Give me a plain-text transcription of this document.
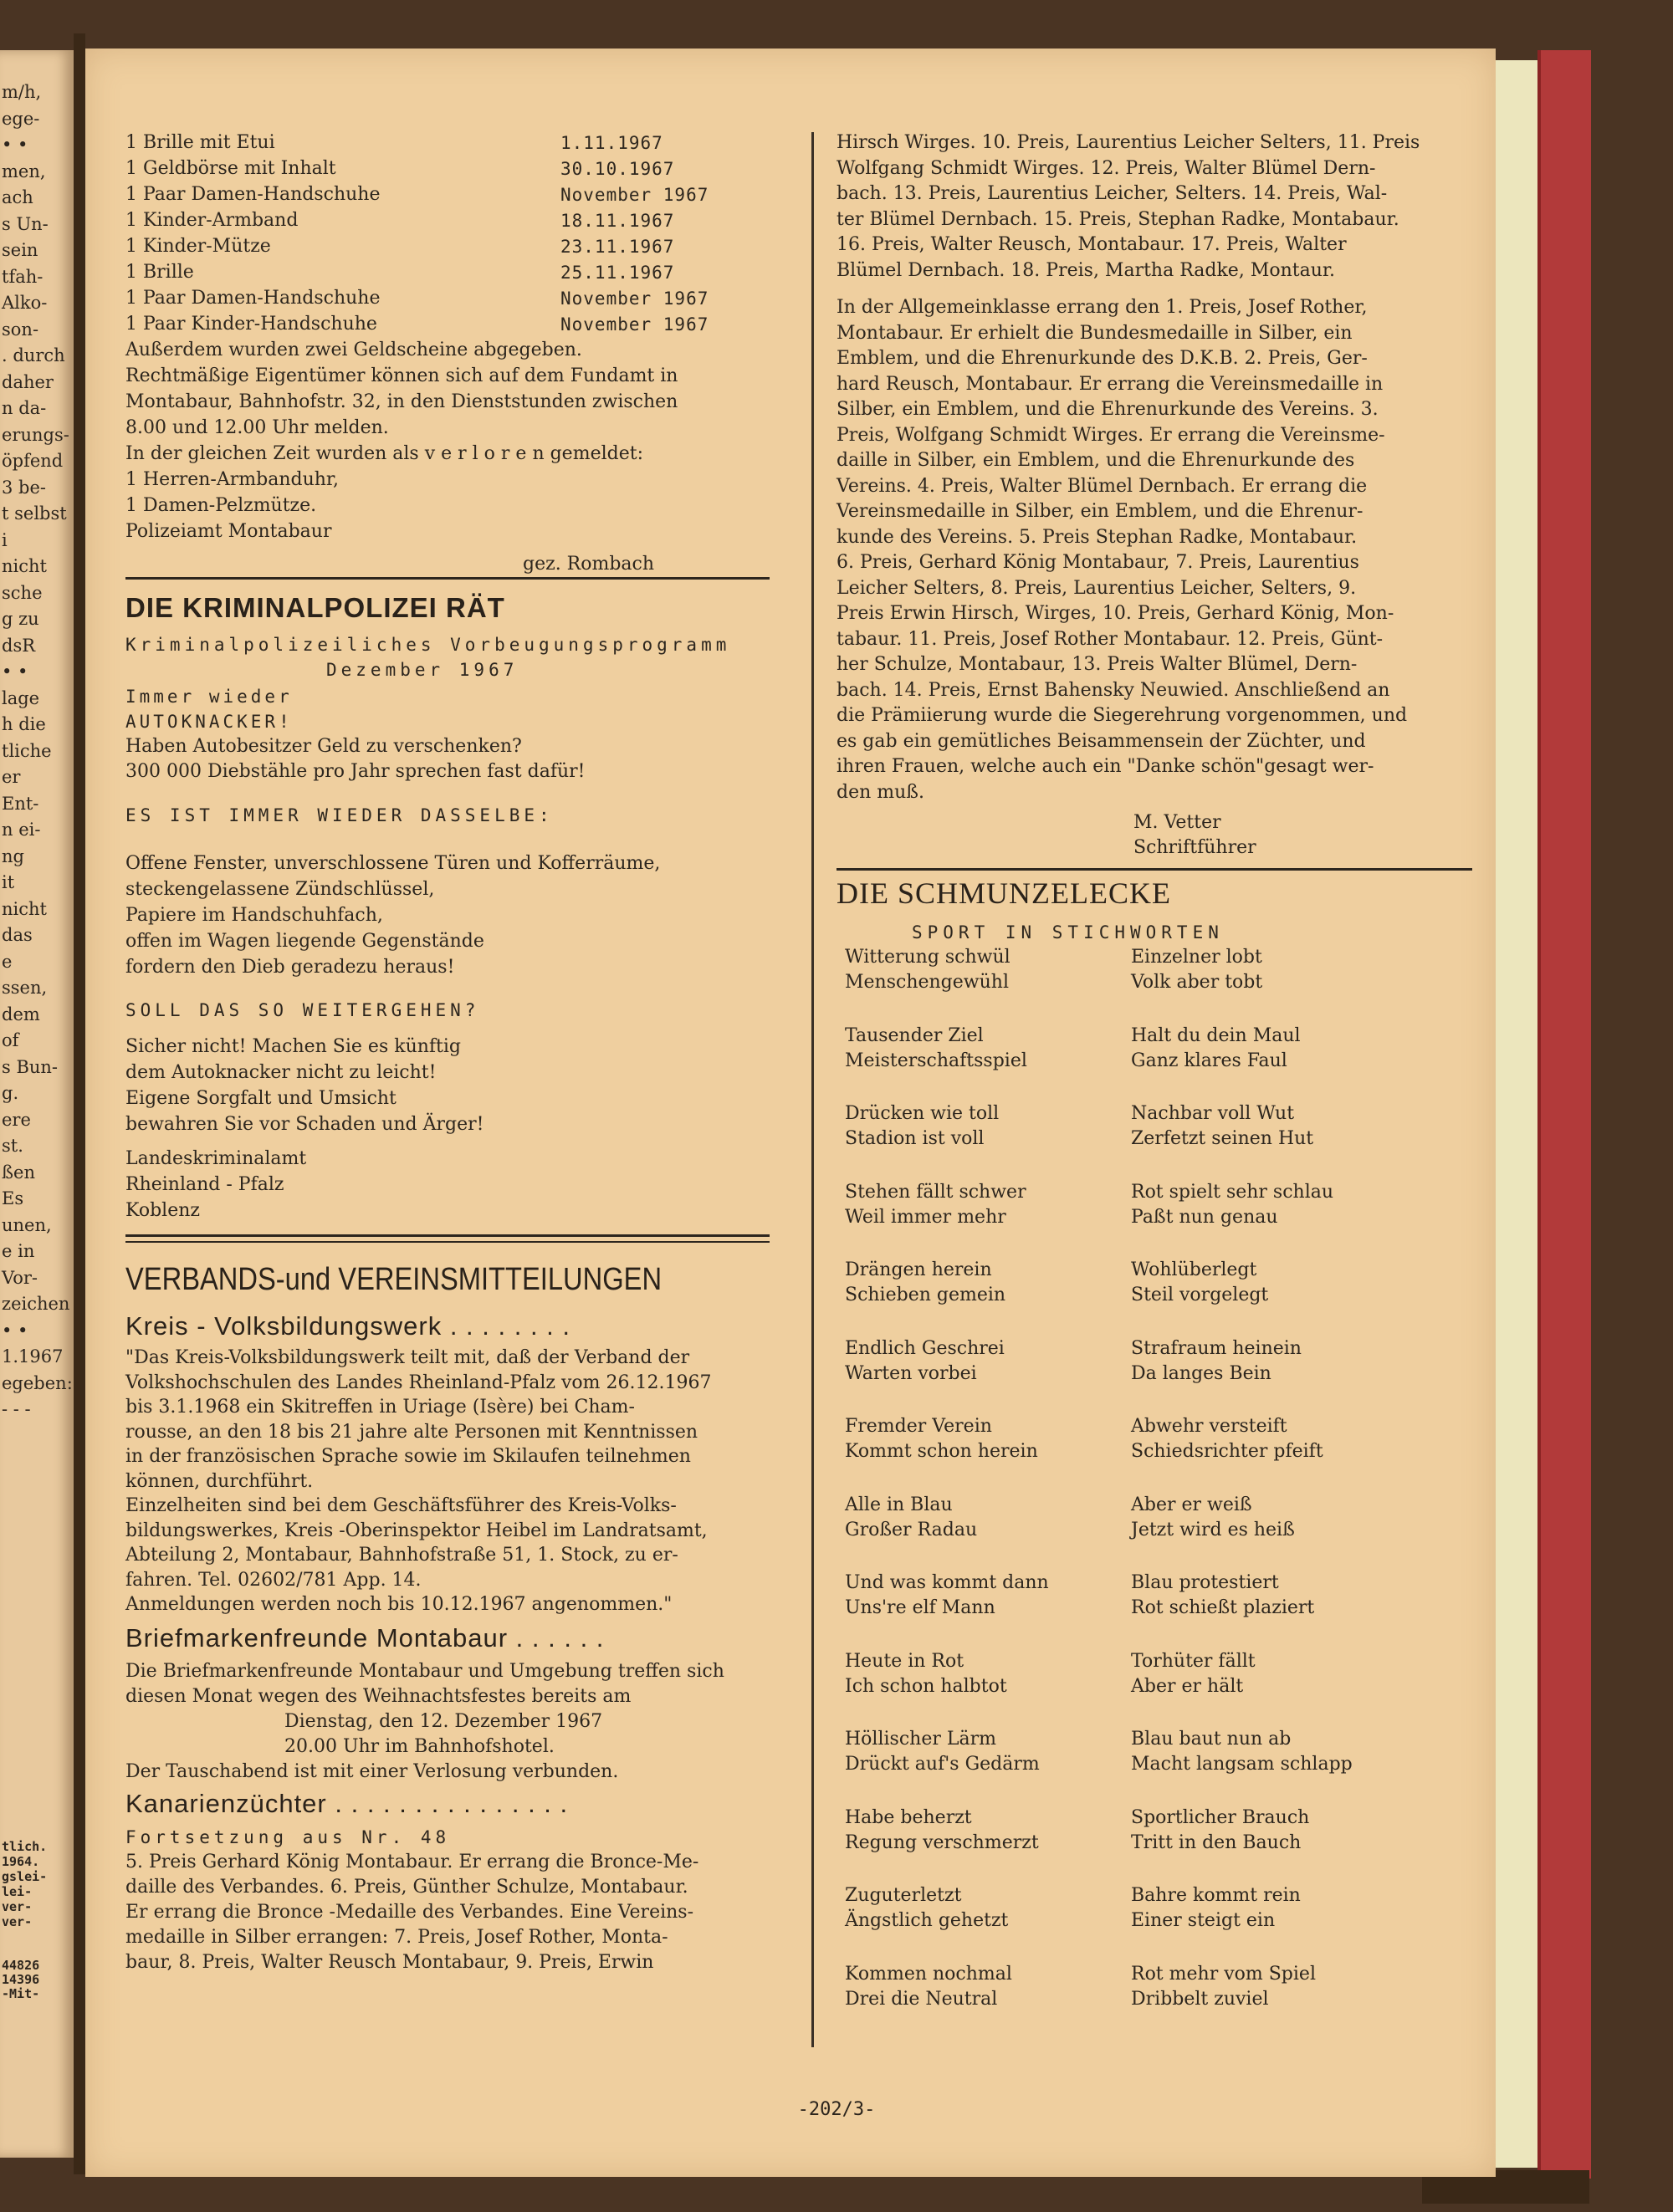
m/h,
ege-
• •
men,
ach
s Un-
sein
tfah-
Alko-
son-
. durch
daher
n da-
erungs-
öpfend
3 be-
t selbst
i
nicht
sche
g zu
dsR
• •
lage
h die
tliche
er
Ent-
n ei-
ng
it
nicht
das
e
ssen,
dem
of
s Bun-
g.
ere
st.
ßen
Es
unen,
e in
Vor-
zeichen
• •
1.1967
egeben:
- - -
tlich.
1964.
gslei-
lei-
ver-
ver-
44826
14396
-Mit-
1 Brille mit Etui	1.11.1967
1 Geldbörse mit Inhalt	30.10.1967
1 Paar Damen-Handschuhe	November 1967
1 Kinder-Armband	18.11.1967
1 Kinder-Mütze	23.11.1967
1 Brille	25.11.1967
1 Paar Damen-Handschuhe	November 1967
1 Paar Kinder-Handschuhe	November 1967
Außerdem wurden zwei Geldscheine abgegeben.
Rechtmäßige Eigentümer können sich auf dem Fundamt in
Montabaur, Bahnhofstr. 32, in den Dienststunden zwischen
8.00 und 12.00 Uhr melden.
In der gleichen Zeit wurden als v e r l o r e n gemeldet:
1 Herren-Armbanduhr,
1 Damen-Pelzmütze.
Polizeiamt Montabaur
gez. Rombach
DIE KRIMINALPOLIZEI RÄT
Kriminalpolizeiliches Vorbeugungsprogramm
Dezember 1967
Immer wieder
AUTOKNACKER!
Haben Autobesitzer Geld zu verschenken?
300 000 Diebstähle pro Jahr sprechen fast dafür!
ES IST IMMER WIEDER DASSELBE:
Offene Fenster, unverschlossene Türen und Kofferräume,
steckengelassene Zündschlüssel,
Papiere im Handschuhfach,
offen im Wagen liegende Gegenstände
fordern den Dieb geradezu heraus!
SOLL DAS SO WEITERGEHEN?
Sicher nicht! Machen Sie es künftig
dem Autoknacker nicht zu leicht!
Eigene Sorgfalt und Umsicht
bewahren Sie vor Schaden und Ärger!
Landeskriminalamt
Rheinland - Pfalz
Koblenz
VERBANDS-und VEREINSMITTEILUNGEN
Kreis - Volksbildungswerk . . . . . . . .
"Das Kreis-Volksbildungswerk teilt mit, daß der Verband der
Volkshochschulen des Landes Rheinland-Pfalz vom 26.12.1967
bis 3.1.1968 ein Skitreffen in Uriage (Isère) bei Cham-
rousse, an den 18 bis 21 jahre alte Personen mit Kenntnissen
in der französischen Sprache sowie im Skilaufen teilnehmen
können, durchführt.
Einzelheiten sind bei dem Geschäftsführer des Kreis-Volks-
bildungswerkes, Kreis -Oberinspektor Heibel im Landratsamt,
Abteilung 2, Montabaur, Bahnhofstraße 51, 1. Stock, zu er-
fahren. Tel. 02602/781 App. 14.
Anmeldungen werden noch bis 10.12.1967 angenommen."
Briefmarkenfreunde Montabaur . . . . . .
Die Briefmarkenfreunde Montabaur und Umgebung treffen sich
diesen Monat wegen des Weihnachtsfestes bereits am
Dienstag, den 12. Dezember 1967
20.00 Uhr im Bahnhofshotel.
Der Tauschabend ist mit einer Verlosung verbunden.
Kanarienzüchter . . . . . . . . . . . . . . .
Fortsetzung aus Nr. 48
5. Preis Gerhard König Montabaur. Er errang die Bronce-Me-
daille des Verbandes. 6. Preis, Günther Schulze, Montabaur.
Er errang die Bronce -Medaille des Verbandes. Eine Vereins-
medaille in Silber errangen: 7. Preis, Josef Rother, Monta-
baur, 8. Preis, Walter Reusch Montabaur, 9. Preis, Erwin
Hirsch Wirges. 10. Preis, Laurentius Leicher Selters, 11. Preis
Wolfgang Schmidt Wirges. 12. Preis, Walter Blümel Dern-
bach. 13. Preis, Laurentius Leicher, Selters. 14. Preis, Wal-
ter Blümel Dernbach. 15. Preis, Stephan Radke, Montabaur.
16. Preis, Walter Reusch, Montabaur. 17. Preis, Walter
Blümel Dernbach. 18. Preis, Martha Radke, Montaur.
In der Allgemeinklasse errang den 1. Preis, Josef Rother,
Montabaur. Er erhielt die Bundesmedaille in Silber, ein
Emblem, und die Ehrenurkunde des D.K.B. 2. Preis, Ger-
hard Reusch, Montabaur. Er errang die Vereinsmedaille in
Silber, ein Emblem, und die Ehrenurkunde des Vereins. 3.
Preis, Wolfgang Schmidt Wirges. Er errang die Vereinsme-
daille in Silber, ein Emblem, und die Ehrenurkunde des
Vereins. 4. Preis, Walter Blümel Dernbach. Er errang die
Vereinsmedaille in Silber, ein Emblem, und die Ehrenur-
kunde des Vereins. 5. Preis Stephan Radke, Montabaur.
6. Preis, Gerhard König Montabaur, 7. Preis, Laurentius
Leicher Selters, 8. Preis, Laurentius Leicher, Selters, 9.
Preis Erwin Hirsch, Wirges, 10. Preis, Gerhard König, Mon-
tabaur. 11. Preis, Josef Rother Montabaur. 12. Preis, Günt-
her Schulze, Montabaur, 13. Preis Walter Blümel, Dern-
bach. 14. Preis, Ernst Bahensky Neuwied. Anschließend an
die Prämiierung wurde die Siegerehrung vorgenommen, und
es gab ein gemütliches Beisammensein der Züchter, und
ihren Frauen, welche auch ein "Danke schön"gesagt wer-
den muß.
M. Vetter
Schriftführer
DIE SCHMUNZELECKE
SPORT IN STICHWORTEN
Witterung schwül
Menschengewühl
Einzelner lobt
Volk aber tobt
Tausender Ziel
Meisterschaftsspiel
Halt du dein Maul
Ganz klares Faul
Drücken wie toll
Stadion ist voll
Nachbar voll Wut
Zerfetzt seinen Hut
Stehen fällt schwer
Weil immer mehr
Rot spielt sehr schlau
Paßt nun genau
Drängen herein
Schieben gemein
Wohlüberlegt
Steil vorgelegt
Endlich Geschrei
Warten vorbei
Strafraum heinein
Da langes Bein
Fremder Verein
Kommt schon herein
Abwehr versteift
Schiedsrichter pfeift
Alle in Blau
Großer Radau
Aber er weiß
Jetzt wird es heiß
Und was kommt dann
Uns're elf Mann
Blau protestiert
Rot schießt plaziert
Heute in Rot
Ich schon halbtot
Torhüter fällt
Aber er hält
Höllischer Lärm
Drückt auf's Gedärm
Blau baut nun ab
Macht langsam schlapp
Habe beherzt
Regung verschmerzt
Sportlicher Brauch
Tritt in den Bauch
Zuguterletzt
Ängstlich gehetzt
Bahre kommt rein
Einer steigt ein
Kommen nochmal
Drei die Neutral
Rot mehr vom Spiel
Dribbelt zuviel
-202/3-
